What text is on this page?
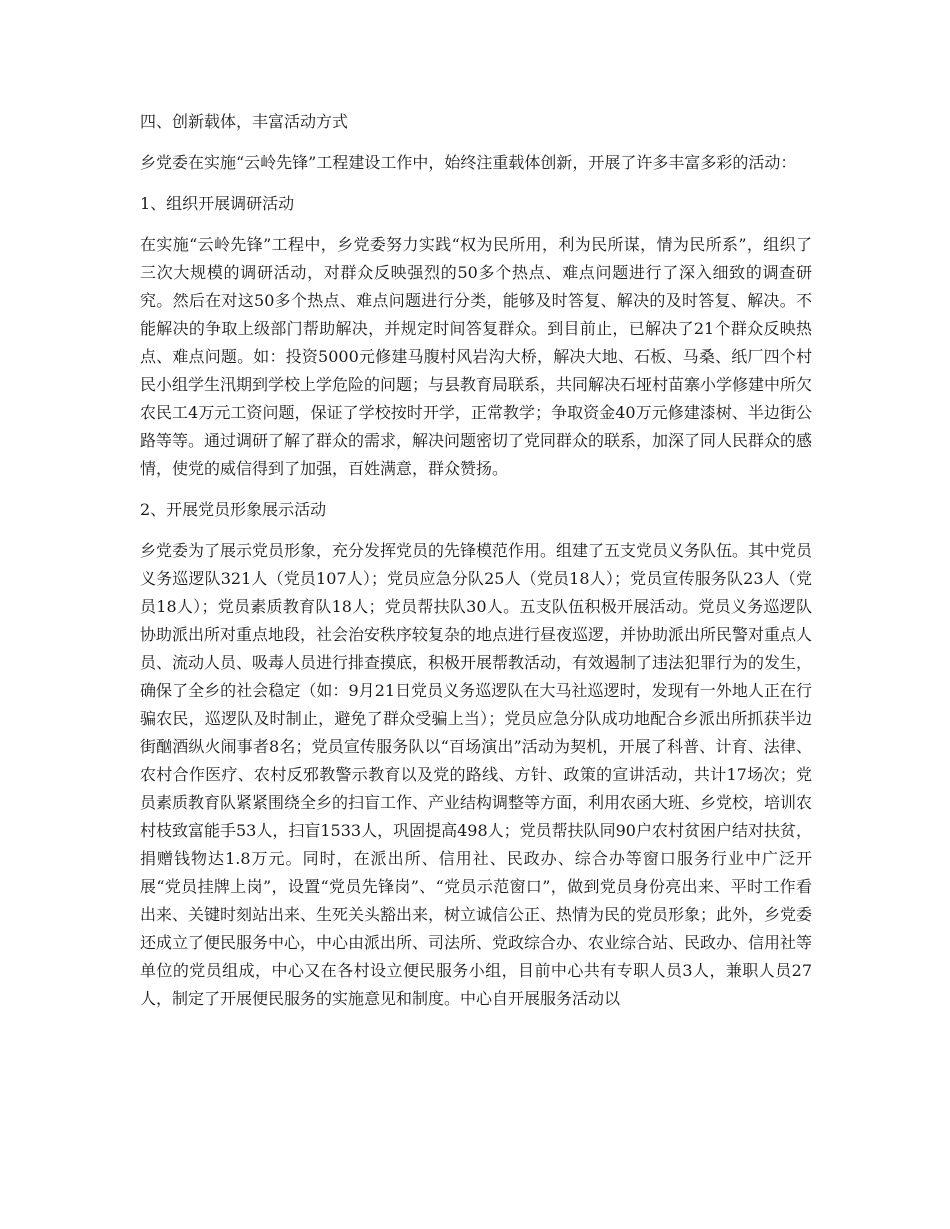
四、创新载体，丰富活动方式

乡党委在实施“云岭先锋”工程建设工作中，始终注重载体创新，开展了许多丰富多彩的活动：

1、组织开展调研活动

在实施“云岭先锋”工程中，乡党委努力实践“权为民所用，利为民所谋，情为民所系”，组织了三次大规模的调研活动，对群众反映强烈的50多个热点、难点问题进行了深入细致的调查研究。然后在对这50多个热点、难点问题进行分类，能够及时答复、解决的及时答复、解决。不能解决的争取上级部门帮助解决，并规定时间答复群众。到目前止，已解决了21个群众反映热点、难点问题。如：投资5000元修建马腹村风岩沟大桥，解决大地、石板、马桑、纸厂四个村民小组学生汛期到学校上学危险的问题；与县教育局联系，共同解决石垭村苗寨小学修建中所欠农民工4万元工资问题，保证了学校按时开学，正常教学；争取资金40万元修建漆树、半边街公路等等。通过调研了解了群众的需求，解决问题密切了党同群众的联系，加深了同人民群众的感情，使党的威信得到了加强，百姓满意，群众赞扬。

2、开展党员形象展示活动

乡党委为了展示党员形象，充分发挥党员的先锋模范作用。组建了五支党员义务队伍。其中党员义务巡逻队321人（党员107人）；党员应急分队25人（党员18人）；党员宣传服务队23人（党员18人）；党员素质教育队18人；党员帮扶队30人。五支队伍积极开展活动。党员义务巡逻队协助派出所对重点地段，社会治安秩序较复杂的地点进行昼夜巡逻，并协助派出所民警对重点人员、流动人员、吸毒人员进行排查摸底，积极开展帮教活动，有效遏制了违法犯罪行为的发生，确保了全乡的社会稳定（如：9月21日党员义务巡逻队在大马社巡逻时，发现有一外地人正在行骗农民，巡逻队及时制止，避免了群众受骗上当）；党员应急分队成功地配合乡派出所抓获半边街酗酒纵火闹事者8名；党员宣传服务队以“百场演出”活动为契机，开展了科普、计育、法律、农村合作医疗、农村反邪教警示教育以及党的路线、方针、政策的宣讲活动，共计17场次；党员素质教育队紧紧围绕全乡的扫盲工作、产业结构调整等方面，利用农函大班、乡党校，培训农村枝致富能手53人，扫盲1533人，巩固提高498人；党员帮扶队同90户农村贫困户结对扶贫，捐赠钱物达1.8万元。同时，在派出所、信用社、民政办、综合办等窗口服务行业中广泛开展“党员挂牌上岗”，设置“党员先锋岗”、“党员示范窗口”，做到党员身份亮出来、平时工作看出来、关键时刻站出来、生死关头豁出来，树立诚信公正、热情为民的党员形象；此外，乡党委还成立了便民服务中心，中心由派出所、司法所、党政综合办、农业综合站、民政办、信用社等单位的党员组成，中心又在各村设立便民服务小组，目前中心共有专职人员3人，兼职人员27人，制定了开展便民服务的实施意见和制度。中心自开展服务活动以
